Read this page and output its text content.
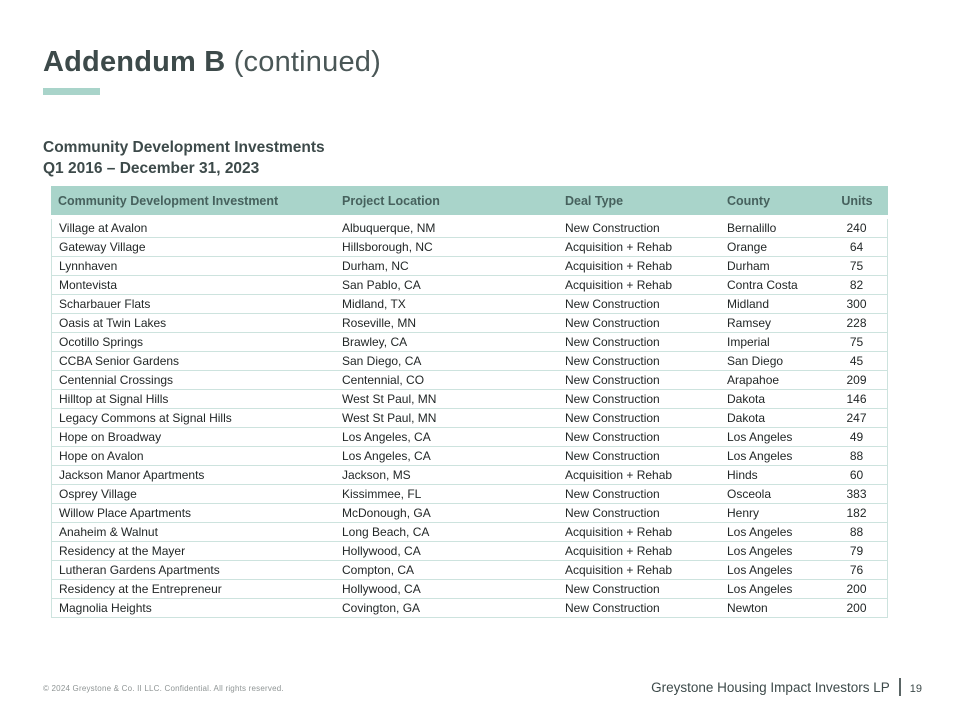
Addendum B (continued)
Community Development Investments
Q1 2016 – December 31, 2023
Community Development Investment	Project Location	Deal Type	County	Units
Village at Avalon	Albuquerque, NM	New Construction	Bernalillo	240
Gateway Village	Hillsborough, NC	Acquisition + Rehab	Orange	64
Lynnhaven	Durham, NC	Acquisition + Rehab	Durham	75
Montevista	San Pablo, CA	Acquisition + Rehab	Contra Costa	82
Scharbauer Flats	Midland, TX	New Construction	Midland	300
Oasis at Twin Lakes	Roseville, MN	New Construction	Ramsey	228
Ocotillo Springs	Brawley, CA	New Construction	Imperial	75
CCBA Senior Gardens	San Diego, CA	New Construction	San Diego	45
Centennial Crossings	Centennial, CO	New Construction	Arapahoe	209
Hilltop at Signal Hills	West St Paul, MN	New Construction	Dakota	146
Legacy Commons at Signal Hills	West St Paul, MN	New Construction	Dakota	247
Hope on Broadway	Los Angeles, CA	New Construction	Los Angeles	49
Hope on Avalon	Los Angeles, CA	New Construction	Los Angeles	88
Jackson Manor Apartments	Jackson, MS	Acquisition + Rehab	Hinds	60
Osprey Village	Kissimmee, FL	New Construction	Osceola	383
Willow Place Apartments	McDonough, GA	New Construction	Henry	182
Anaheim & Walnut	Long Beach, CA	Acquisition + Rehab	Los Angeles	88
Residency at the Mayer	Hollywood, CA	Acquisition + Rehab	Los Angeles	79
Lutheran Gardens Apartments	Compton, CA	Acquisition + Rehab	Los Angeles	76
Residency at the Entrepreneur	Hollywood, CA	New Construction	Los Angeles	200
Magnolia Heights	Covington, GA	New Construction	Newton	200
© 2024 Greystone & Co. II LLC. Confidential. All rights reserved.	Greystone Housing Impact Investors LP 19
